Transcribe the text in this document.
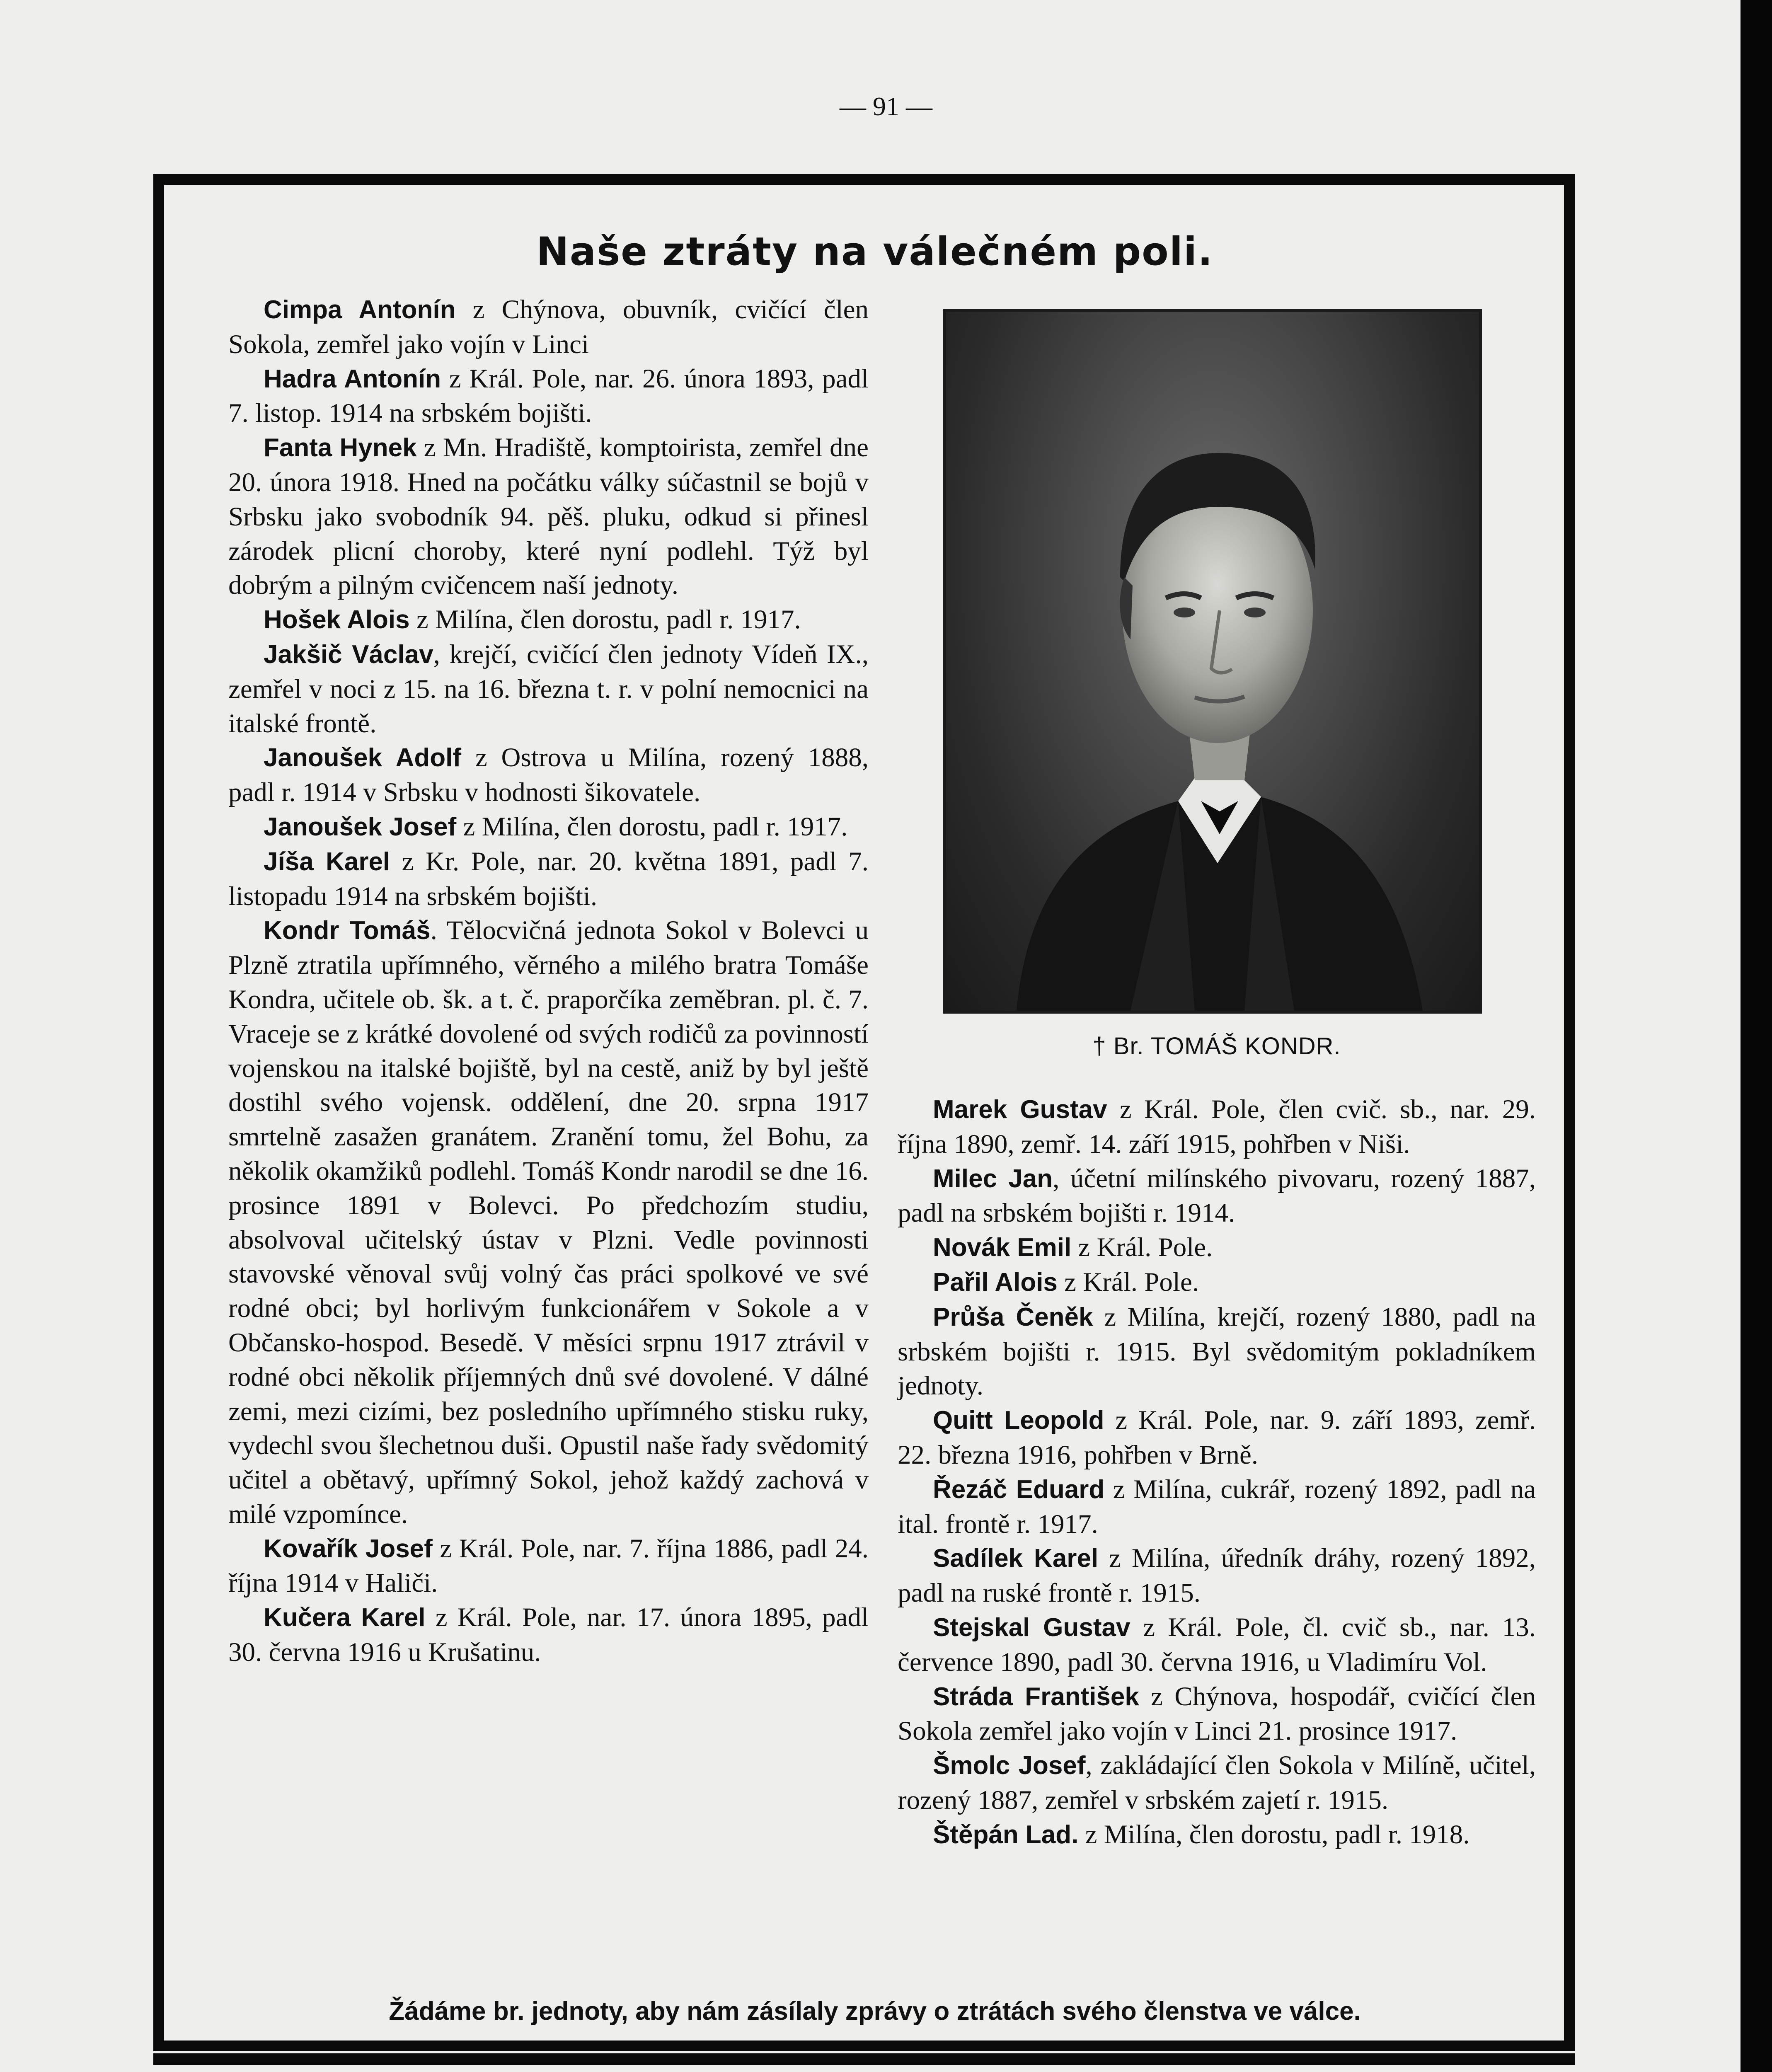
— 91 —
Naše ztráty na válečném poli.

Cimpa Antonín z Chýnova, obuvník, cvičící člen Sokola, zemřel jako vojín v Linci

Hadra Antonín z Král. Pole, nar. 26. února 1893, padl 7. listop. 1914 na srbském bojišti.

Fanta Hynek z Mn. Hradiště, komptoirista, zemřel dne 20. února 1918. Hned na počátku války súčastnil se bojů v Srbsku jako svobodník 94. pěš. pluku, odkud si přinesl zárodek plicní choroby, které nyní podlehl. Týž byl dobrým a pilným cvičencem naší jednoty.

Hošek Alois z Milína, člen dorostu, padl r. 1917.

Jakšič Václav, krejčí, cvičící člen jednoty Vídeň IX., zemřel v noci z 15. na 16. března t. r. v polní nemocnici na italské frontě.

Janoušek Adolf z Ostrova u Milína, rozený 1888, padl r. 1914 v Srbsku v hodnosti šikovatele.

Janoušek Josef z Milína, člen dorostu, padl r. 1917.

Jíša Karel z Kr. Pole, nar. 20. května 1891, padl 7. listopadu 1914 na srbském bojišti.

Kondr Tomáš. Tělocvičná jednota Sokol v Bolevci u Plzně ztratila upřímného, věrného a milého bratra Tomáše Kondra, učitele ob. šk. a t. č. praporčíka zeměbran. pl. č. 7. Vraceje se z krátké dovolené od svých rodičů za povinností vojenskou na italské bojiště, byl na cestě, aniž by byl ještě dostihl svého vojensk. oddělení, dne 20. srpna 1917 smrtelně zasažen granátem. Zranění tomu, žel Bohu, za několik okamžiků podlehl. Tomáš Kondr narodil se dne 16. prosince 1891 v Bolevci. Po předchozím studiu, absolvoval učitelský ústav v Plzni. Vedle povinnosti stavovské věnoval svůj volný čas práci spolkové ve své rodné obci; byl horlivým funkcionářem v Sokole a v Občansko-hospod. Besedě. V měsíci srpnu 1917 ztrávil v rodné obci několik příjemných dnů své dovolené. V dálné zemi, mezi cizími, bez posledního upřímného stisku ruky, vydechl svou šlechetnou duši. Opustil naše řady svědomitý učitel a obětavý, upřímný Sokol, jehož každý zachová v milé vzpomínce.

Kovařík Josef z Král. Pole, nar. 7. října 1886, padl 24. října 1914 v Haliči.

Kučera Karel z Král. Pole, nar. 17. února 1895, padl 30. června 1916 u Krušatinu.

† Br. TOMÁŠ KONDR.

Marek Gustav z Král. Pole, člen cvič. sb., nar. 29. října 1890, zemř. 14. září 1915, pohřben v Niši.

Milec Jan, účetní milínského pivovaru, rozený 1887, padl na srbském bojišti r. 1914.

Novák Emil z Král. Pole.

Pařil Alois z Král. Pole.

Průša Čeněk z Milína, krejčí, rozený 1880, padl na srbském bojišti r. 1915. Byl svědomitým pokladníkem jednoty.

Quitt Leopold z Král. Pole, nar. 9. září 1893, zemř. 22. března 1916, pohřben v Brně.

Řezáč Eduard z Milína, cukrář, rozený 1892, padl na ital. frontě r. 1917.

Sadílek Karel z Milína, úředník dráhy, rozený 1892, padl na ruské frontě r. 1915.

Stejskal Gustav z Král. Pole, čl. cvič sb., nar. 13. července 1890, padl 30. června 1916, u Vladimíru Vol.

Stráda František z Chýnova, hospodář, cvičící člen Sokola zemřel jako vojín v Linci 21. prosince 1917.

Šmolc Josef, zakládající člen Sokola v Milíně, učitel, rozený 1887, zemřel v srbském zajetí r. 1915.

Štěpán Lad. z Milína, člen dorostu, padl r. 1918.

Žádáme br. jednoty, aby nám zásílaly zprávy o ztrátách svého členstva ve válce.
